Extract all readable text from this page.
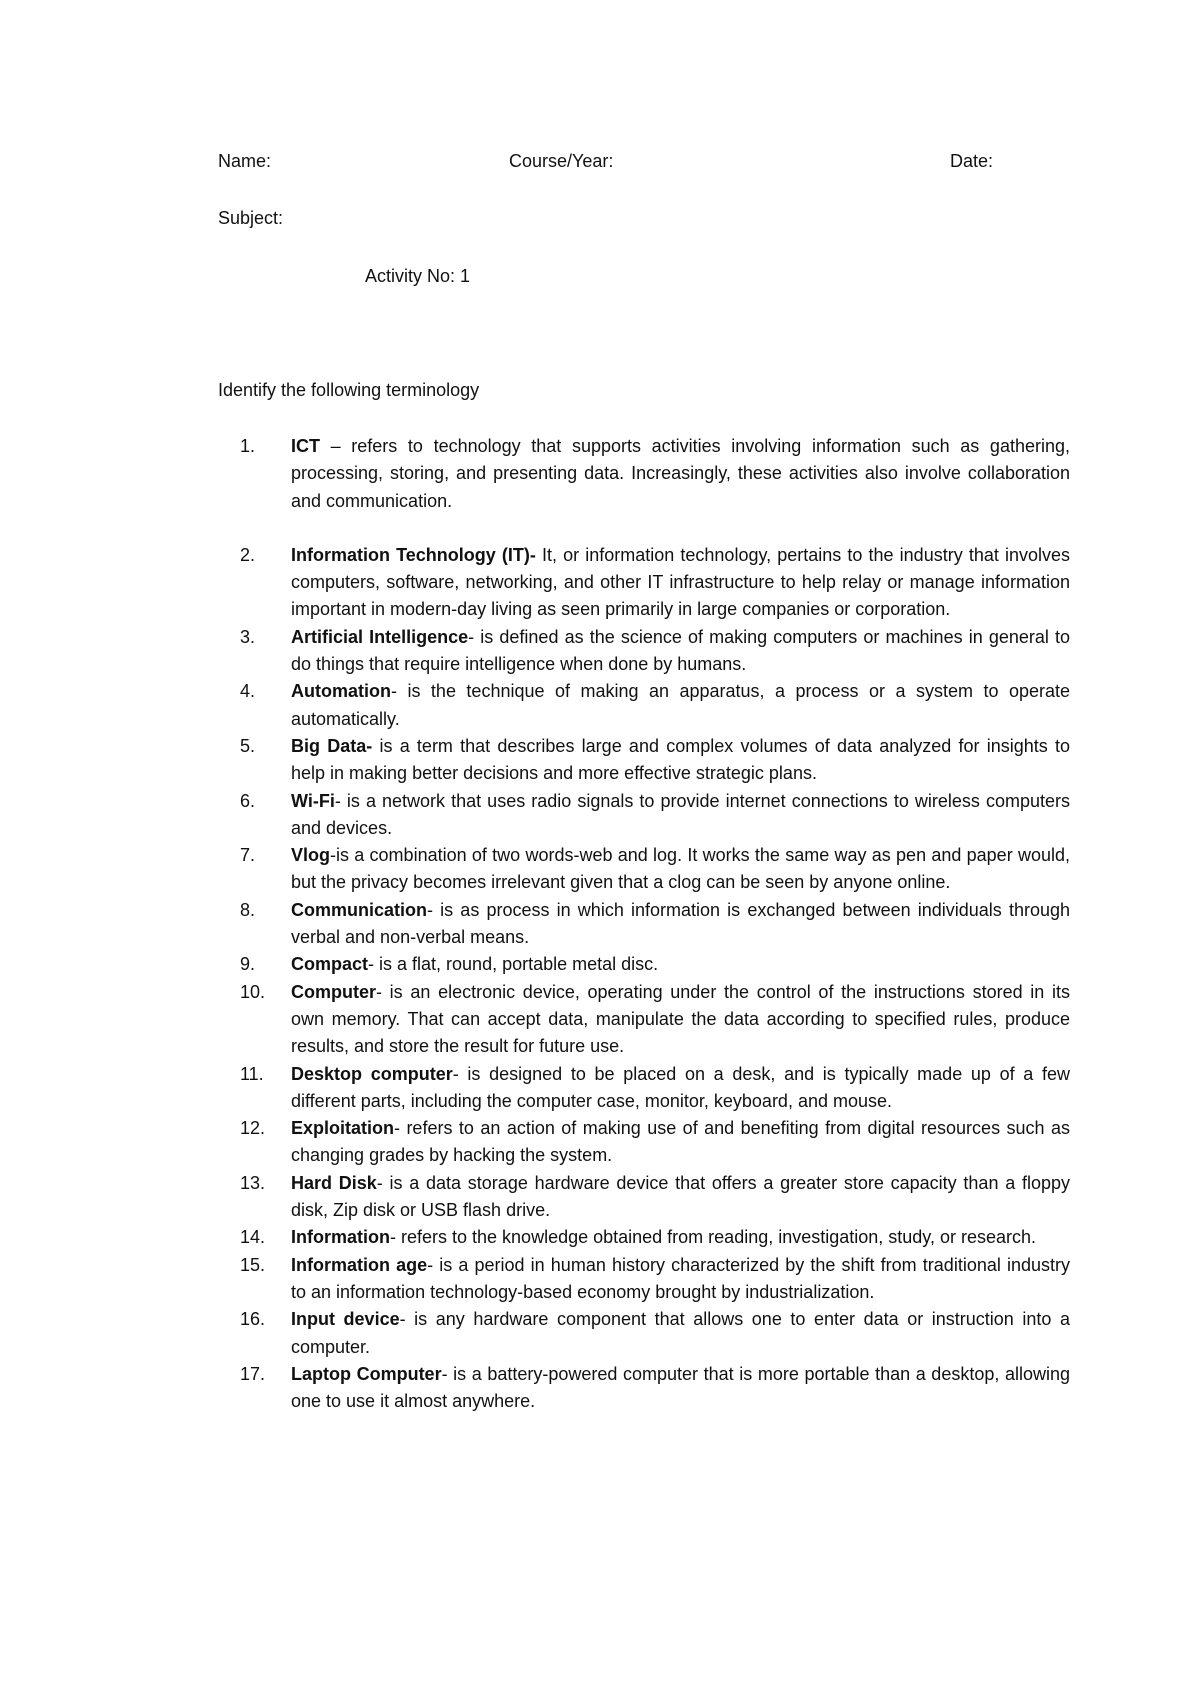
Name:	Course/Year:	Date:
Subject:
Activity No: 1
Identify the following terminology
1. ICT – refers to technology that supports activities involving information such as gathering, processing, storing, and presenting data. Increasingly, these activities also involve collaboration and communication.
2. Information Technology (IT)- It, or information technology, pertains to the industry that involves computers, software, networking, and other IT infrastructure to help relay or manage information important in modern-day living as seen primarily in large companies or corporation.
3. Artificial Intelligence- is defined as the science of making computers or machines in general to do things that require intelligence when done by humans.
4. Automation- is the technique of making an apparatus, a process or a system to operate automatically.
5. Big Data- is a term that describes large and complex volumes of data analyzed for insights to help in making better decisions and more effective strategic plans.
6. Wi-Fi- is a network that uses radio signals to provide internet connections to wireless computers and devices.
7. Vlog-is a combination of two words-web and log. It works the same way as pen and paper would, but the privacy becomes irrelevant given that a clog can be seen by anyone online.
8. Communication- is as process in which information is exchanged between individuals through verbal and non-verbal means.
9. Compact- is a flat, round, portable metal disc.
10. Computer- is an electronic device, operating under the control of the instructions stored in its own memory. That can accept data, manipulate the data according to specified rules, produce results, and store the result for future use.
11. Desktop computer- is designed to be placed on a desk, and is typically made up of a few different parts, including the computer case, monitor, keyboard, and mouse.
12. Exploitation- refers to an action of making use of and benefiting from digital resources such as changing grades by hacking the system.
13. Hard Disk- is a data storage hardware device that offers a greater store capacity than a floppy disk, Zip disk or USB flash drive.
14. Information- refers to the knowledge obtained from reading, investigation, study, or research.
15. Information age- is a period in human history characterized by the shift from traditional industry to an information technology-based economy brought by industrialization.
16. Input device- is any hardware component that allows one to enter data or instruction into a computer.
17. Laptop Computer- is a battery-powered computer that is more portable than a desktop, allowing one to use it almost anywhere.
